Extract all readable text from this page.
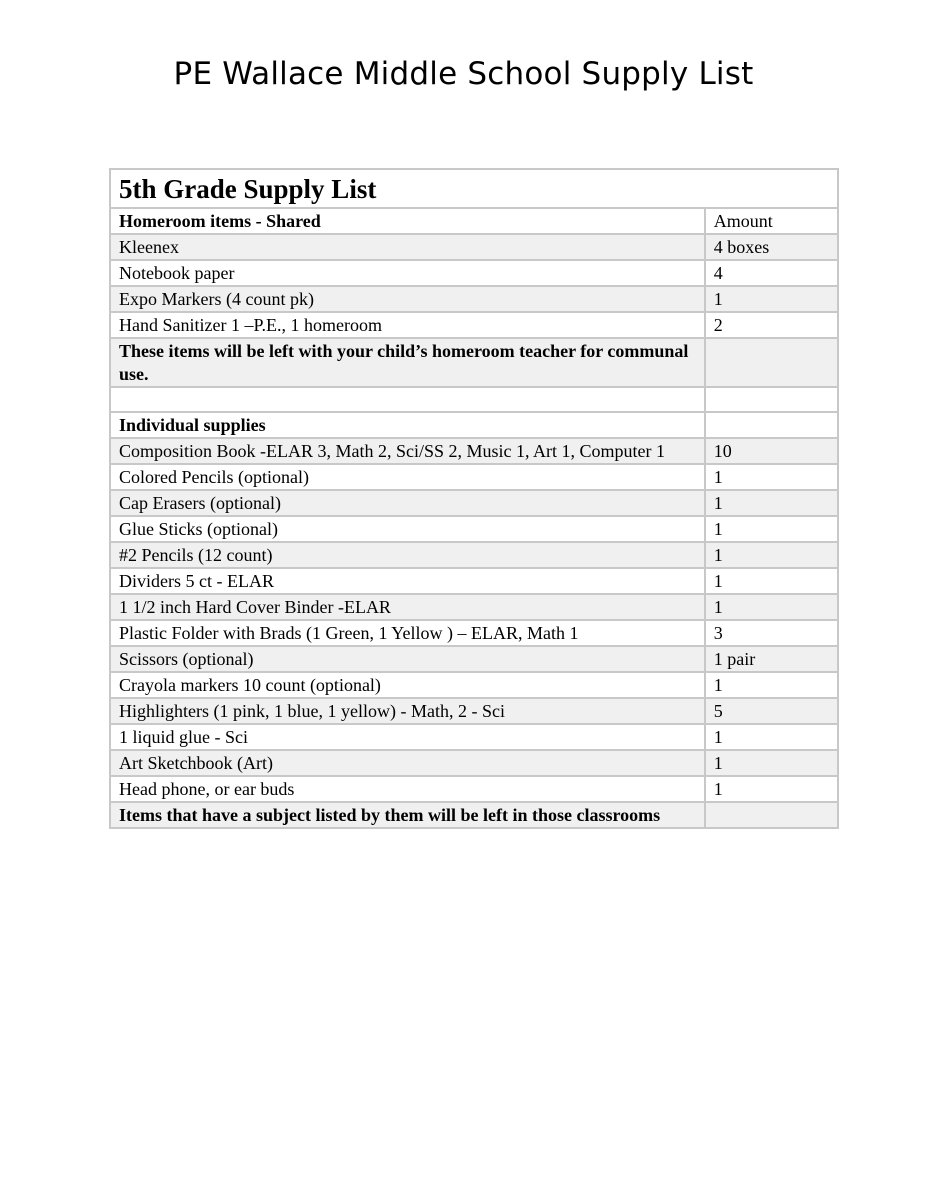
PE Wallace Middle School Supply List
5th Grade Supply List	
Homeroom items - Shared	Amount
Kleenex	4 boxes
Notebook paper	4
Expo Markers (4 count pk)	1
Hand Sanitizer 1 –P.E., 1 homeroom	2
These items will be left with your child’s homeroom teacher for communal use.	

Individual supplies	
Composition Book -ELAR 3, Math 2, Sci/SS 2, Music 1, Art 1, Computer 1	10
Colored Pencils (optional)	1
Cap Erasers (optional)	1
Glue Sticks (optional)	1
#2 Pencils (12 count)	1
Dividers 5 ct - ELAR	1
1 1/2 inch Hard Cover Binder -ELAR	1
Plastic Folder with Brads (1 Green, 1 Yellow ) – ELAR, Math 1	3
Scissors (optional)	1 pair
Crayola markers 10 count (optional)	1
Highlighters (1 pink, 1 blue, 1 yellow) - Math, 2 - Sci	5
1 liquid glue - Sci	1
Art Sketchbook (Art)	1
Head phone, or ear buds	1
Items that have a subject listed by them will be left in those classrooms	
